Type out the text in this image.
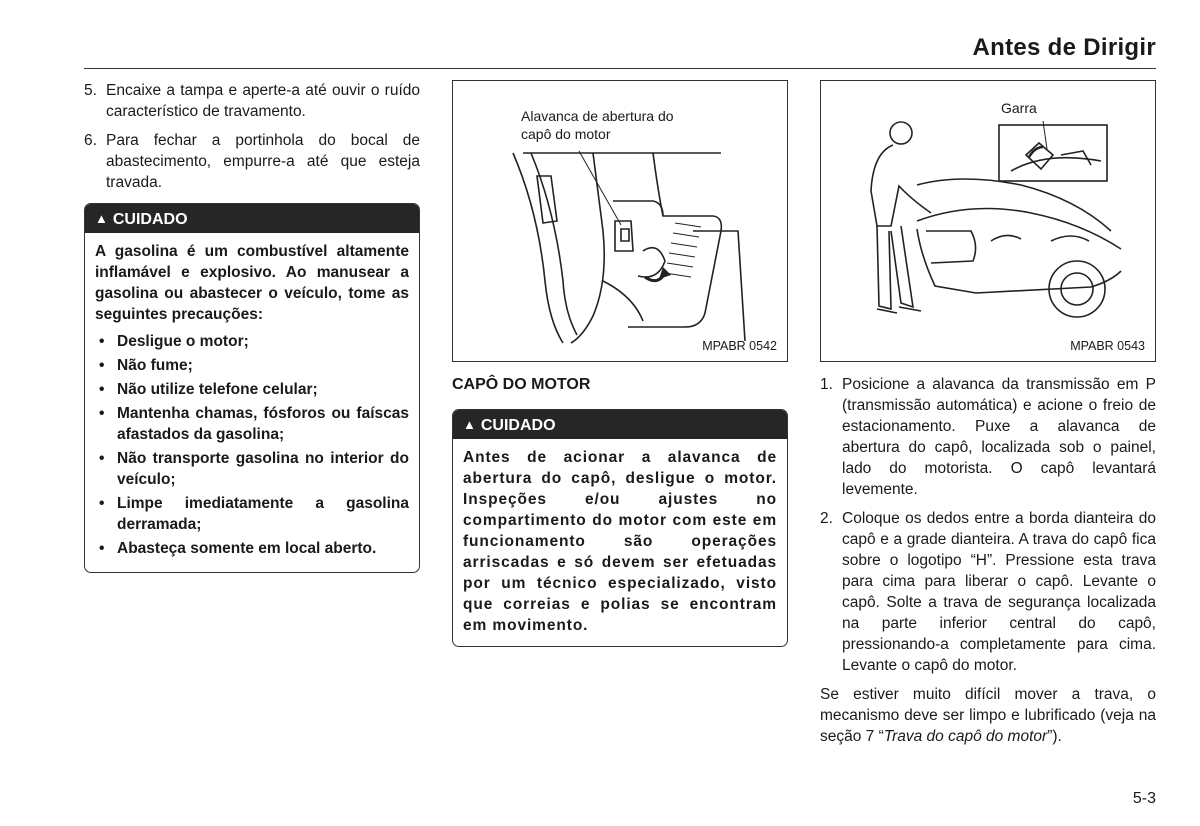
Antes de Dirigir
5. Encaixe a tampa e aperte-a até ouvir o ruído característico de travamento.
6. Para fechar a portinhola do bocal de abastecimento, empurre-a até que esteja travada.
▲ CUIDADO

A gasolina é um combustível altamente inflamável e explosivo. Ao manusear a gasolina ou abastecer o veículo, tome as seguintes precauções:

• Desligue o motor;
• Não fume;
• Não utilize telefone celular;
• Mantenha chamas, fósforos ou faíscas afastados da gasolina;
• Não transporte gasolina no interior do veículo;
• Limpe imediatamente a gasolina derramada;
• Abasteça somente em local aberto.
Alavanca de abertura do capô do motor
MPABR 0542
CAPÔ DO MOTOR
▲ CUIDADO

Antes de acionar a alavanca de abertura do capô, desligue o motor. Inspeções e/ou ajustes no compartimento do motor com este em funcionamento são operações arriscadas e só devem ser efetuadas por um técnico especializado, visto que correias e polias se encontram em movimento.

Garra
MPABR 0543
1. Posicione a alavanca da transmissão em P (transmissão automática) e acione o freio de estacionamento. Puxe a alavanca de abertura do capô, localizada sob o painel, lado do motorista. O capô levantará levemente.
2. Coloque os dedos entre a borda dianteira do capô e a grade dianteira. A trava do capô fica sobre o logotipo “H”. Pressione esta trava para cima para liberar o capô. Levante o capô. Solte a trava de segurança localizada na parte inferior central do capô, pressionando-a completamente para cima. Levante o capô do motor.

Se estiver muito difícil mover a trava, o mecanismo deve ser limpo e lubrificado (veja na seção 7 “Trava do capô do motor”).

5-3
